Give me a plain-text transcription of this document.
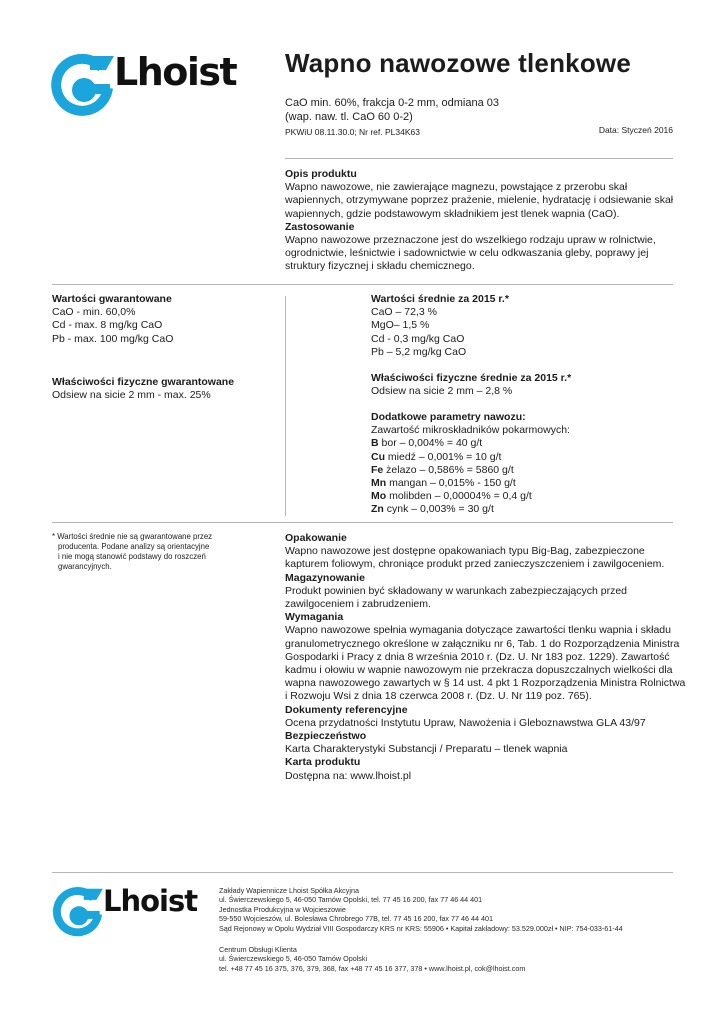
Lhoist Wapno nawozowe tlenkowe
CaO min. 60%, frakcja 0-2 mm, odmiana 03
(wap. naw. tl. CaO 60 0-2)
PKWiU 08.11.30.0; Nr ref. PL34K63	Data: Styczeń 2016
Opis produktu
Wapno nawozowe, nie zawierające magnezu, powstające z przerobu skał
wapiennych, otrzymywane poprzez prażenie, mielenie, hydratację i odsiewanie skał
wapiennych, gdzie podstawowym składnikiem jest tlenek wapnia (CaO).
Zastosowanie
Wapno nawozowe przeznaczone jest do wszelkiego rodzaju upraw w rolnictwie,
ogrodnictwie, leśnictwie i sadownictwie w celu odkwaszania gleby, poprawy jej
struktury fizycznej i składu chemicznego.
Wartości gwarantowane
CaO - min. 60,0%
Cd - max. 8 mg/kg CaO
Pb - max. 100 mg/kg CaO
Właściwości fizyczne gwarantowane
Odsiew na sicie 2 mm - max. 25%
Wartości średnie za 2015 r.*
CaO – 72,3 %
MgO– 1,5 %
Cd - 0,3 mg/kg CaO
Pb – 5,2 mg/kg CaO
Właściwości fizyczne średnie za 2015 r.*
Odsiew na sicie 2 mm – 2,8 %
Dodatkowe parametry nawozu:
Zawartość mikroskładników pokarmowych:
B bor – 0,004% = 40 g/t
Cu miedź – 0,001% = 10 g/t
Fe żelazo – 0,586% = 5860 g/t
Mn mangan – 0,015% - 150 g/t
Mo molibden – 0,00004% = 0,4 g/t
Zn cynk – 0,003% = 30 g/t
* Wartości średnie nie są gwarantowane przez
producenta. Podane analizy są orientacyjne
i nie mogą stanowić podstawy do roszczeń
gwarancyjnych.
Opakowanie
Wapno nawozowe jest dostępne opakowaniach typu Big-Bag, zabezpieczone
kapturem foliowym, chroniące produkt przed zanieczyszczeniem i zawilgoceniem.
Magazynowanie
Produkt powinien być składowany w warunkach zabezpieczających przed
zawilgoceniem i zabrudzeniem.
Wymagania
Wapno nawozowe spełnia wymagania dotyczące zawartości tlenku wapnia i składu
granulometrycznego określone w załączniku nr 6, Tab. 1 do Rozporządzenia Ministra
Gospodarki i Pracy z dnia 8 września 2010 r. (Dz. U. Nr 183 poz. 1229). Zawartość
kadmu i ołowiu w wapnie nawozowym nie przekracza dopuszczalnych wielkości dla
wapna nawozowego zawartych w § 14 ust. 4 pkt 1 Rozporządzenia Ministra Rolnictwa
i Rozwoju Wsi z dnia 18 czerwca 2008 r. (Dz. U. Nr 119 poz. 765).
Dokumenty referencyjne
Ocena przydatności Instytutu Upraw, Nawożenia i Gleboznawstwa GLA 43/97
Bezpieczeństwo
Karta Charakterystyki Substancji / Preparatu – tlenek wapnia
Karta produktu
Dostępna na: www.lhoist.pl
Lhoist	Zakłady Wapiennicze Lhoist Spółka Akcyjna
ul. Świerczewskiego 5, 46-050 Tarnów Opolski, tel. 77 45 16 200, fax 77 46 44 401
Jednostka Produkcyjna w Wojcieszowie
59-550 Wojcieszów, ul. Bolesława Chrobrego 77B, tel. 77 45 16 200, fax 77 46 44 401
Sąd Rejonowy w Opolu Wydział VIII Gospodarczy KRS nr KRS: 55906 • Kapitał zakładowy: 53.529.000zł • NIP: 754-033-61-44
Centrum Obsługi Klienta
ul. Świerczewskiego 5, 46-050 Tarnów Opolski
tel. +48 77 45 16 375, 376, 379, 368, fax +48 77 45 16 377, 378 • www.lhoist.pl, cok@lhoist.com
